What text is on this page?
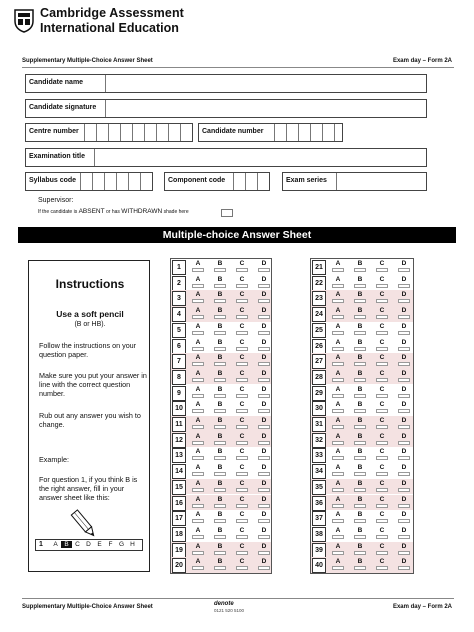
Cambridge Assessment
International Education
Supplementary Multiple-Choice Answer Sheet	Exam day – Form 2A
Candidate name
Candidate signature
Centre number	Candidate number
Examination title
Syllabus code	Component code	Exam series
Supervisor:
If the candidate is ABSENT or has WITHDRAWN shade here
Multiple-choice Answer Sheet
Instructions
Use a soft pencil
(B or HB).
Follow the instructions on your question paper.
Make sure you put your answer in line with the correct question number.
Rub out any answer you wish to change.
Example:
For question 1, if you think B is the right answer, fill in your answer sheet like this:
1	A	B C D E	F G H
1
A	B	C	D
2
A	B	C	D
3
A	B	C	D
4
A	B	C	D
5
A	B	C	D
6
A	B	C	D
7
A	B	C	D
8
A	B	C	D
9
A	B	C	D
10
A	B	C	D
11
A	B	C	D
12
A	B	C	D
13
A	B	C	D
14
A	B	C	D
15
A	B	C	D
16
A	B	C	D
17
A	B	C	D
18
A	B	C	D
19
A	B	C	D
20
A	B	C	D
21
A	B	C	D
22
A	B	C	D
23
A	B	C	D
24
A	B	C	D
25
A	B	C	D
26
A	B	C	D
27
A	B	C	D
28
A	B	C	D
29
A	B	C	D
30
A	B	C	D
31
A	B	C	D
32
A	B	C	D
33
A	B	C	D
34
A	B	C	D
35
A	B	C	D
36
A	B	C	D
37
A	B	C	D
38
A	B	C	D
39
A	B	C	D
40
A	B	C	D
Supplementary Multiple-Choice Answer Sheet	denote
0121 520 5100
Exam day – Form 2A
